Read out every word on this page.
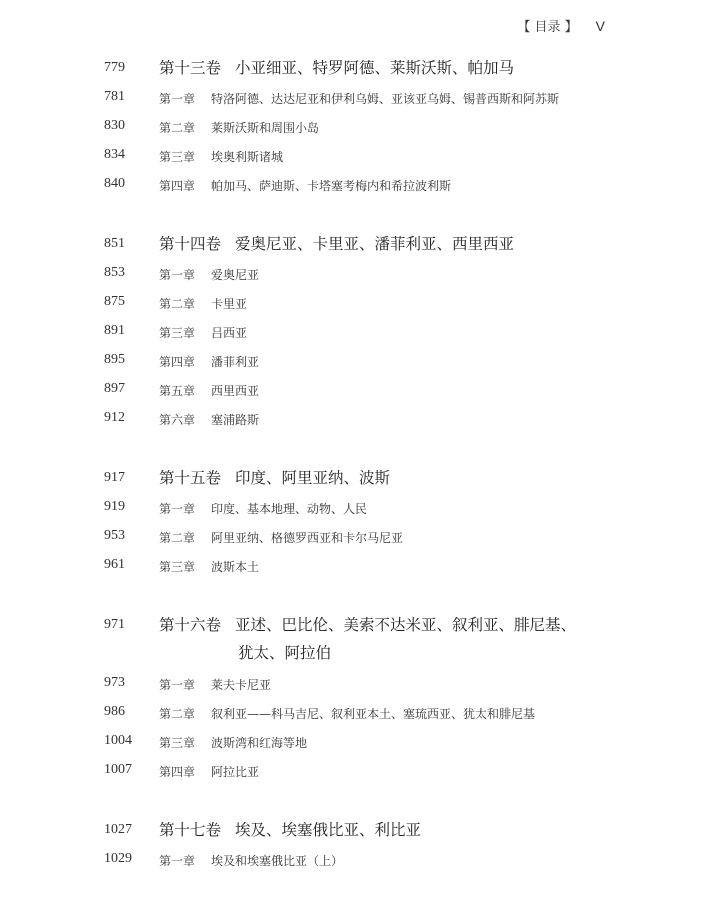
【 目录 】 V
779 第十三卷 小亚细亚、特罗阿德、莱斯沃斯、帕加马
781	第一章 特洛阿德、达达尼亚和伊利乌姆、亚该亚乌姆、锡普西斯和阿苏斯
830	第二章 莱斯沃斯和周围小岛
834	第三章 埃奥利斯诸城
840	第四章 帕加马、萨迪斯、卡塔塞考梅内和希拉波利斯
851 第十四卷 爱奥尼亚、卡里亚、潘菲利亚、西里西亚
853	第一章 爱奥尼亚
875	第二章 卡里亚
891	第三章 吕西亚
895	第四章 潘菲利亚
897	第五章 西里西亚
912	第六章 塞浦路斯
917 第十五卷 印度、阿里亚纳、波斯
919	第一章 印度、基本地理、动物、人民
953	第二章 阿里亚纳、格德罗西亚和卡尔马尼亚
961	第三章 波斯本土
971 第十六卷 亚述、巴比伦、美索不达米亚、叙利亚、腓尼基、
犹太、阿拉伯
973	第一章 莱夫卡尼亚
986	第二章 叙利亚——科马吉尼、叙利亚本土、塞琉西亚、犹太和腓尼基
1004 第三章 波斯湾和红海等地
1007 第四章 阿拉比亚
1027 第十七卷 埃及、埃塞俄比亚、利比亚
1029 第一章 埃及和埃塞俄比亚（上）
